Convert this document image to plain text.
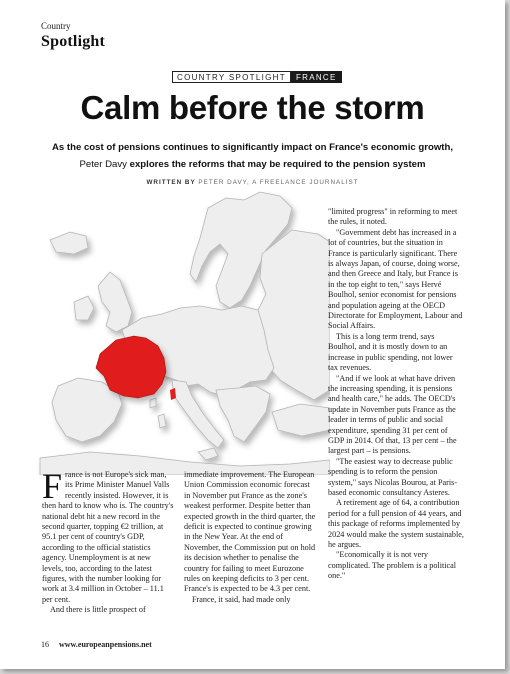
Country
Spotlight
COUNTRY SPOTLIGHT	FRANCE
Calm before the storm
As the cost of pensions continues to significantly impact on France's economic growth,
Peter Davy explores the reforms that may be required to the pension system
WRITTEN BY PETER DAVY, A FREELANCE JOURNALIST

F rance is not Europe's sick man, its Prime Minister Manuel Valls recently insisted. However, it is then hard to know who is. The country's national debt hit a new record in the second quarter, topping €2 trillion, at 95.1 per cent of country's GDP, according to the official statistics agency. Unemployment is at new levels, too, according to the latest figures, with the number looking for work at 3.4 million in October – 11.1 per cent.

And there is little prospect of

immediate improvement. The European Union Commission economic forecast in November put France as the zone's weakest performer. Despite better than expected growth in the third quarter, the deficit is expected to continue growing in the New Year. At the end of November, the Commission put on hold its decision whether to penalise the country for failing to meet Eurozone rules on keeping deficits to 3 per cent. France's is expected to be 4.3 per cent.

France, it said, had made only

"limited progress" in reforming to meet the rules, it noted.

"Government debt has increased in a lot of countries, but the situation in France is particularly significant. There is always Japan, of course, doing worse, and then Greece and Italy, but France is in the top eight to ten," says Hervé Boulhol, senior economist for pensions and population ageing at the OECD Directorate for Employment, Labour and Social Affairs.

This is a long term trend, says Boulhol, and it is mostly down to an increase in public spending, not lower tax revenues.

"And if we look at what have driven the increasing spending, it is pensions and health care," he adds. The OECD's update in November puts France as the leader in terms of public and social expenditure, spending 31 per cent of GDP in 2014. Of that, 13 per cent – the largest part – is pensions.

"The easiest way to decrease public spending is to reform the pension system," says Nicolas Bourou, at Paris-based economic consultancy Asteres.

A retirement age of 64, a contribution period for a full pension of 44 years, and this package of reforms implemented by 2024 would make the system sustainable, he argues.

"Economically it is not very complicated. The problem is a political one."

16 www.europeanpensions.net
